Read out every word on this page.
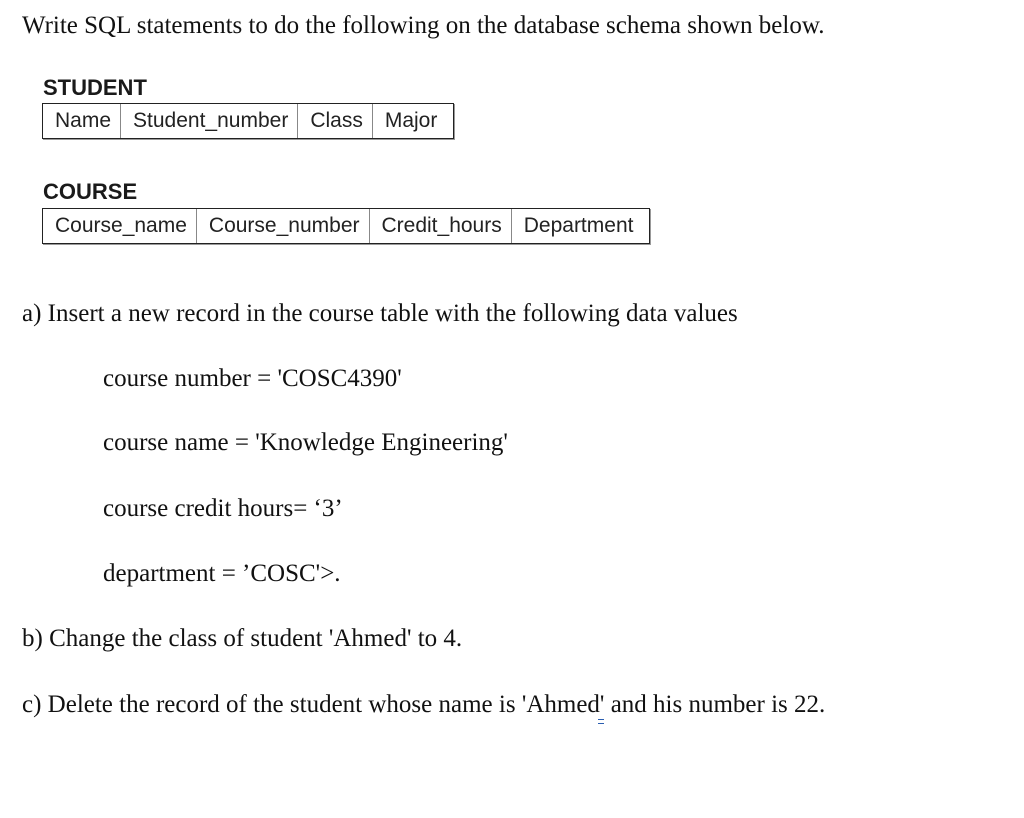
Write SQL statements to do the following on the database schema shown below.
STUDENT
Name	Student_number	Class	Major
COURSE
Course_name	Course_number	Credit_hours	Department
a) Insert a new record in the course table with the following data values
course number = 'COSC4390'
course name = 'Knowledge Engineering'
course credit hours= ‘3’
department = ’COSC'>.
b) Change the class of student 'Ahmed' to 4.
c) Delete the record of the student whose name is 'Ahmed' and his number is 22.
